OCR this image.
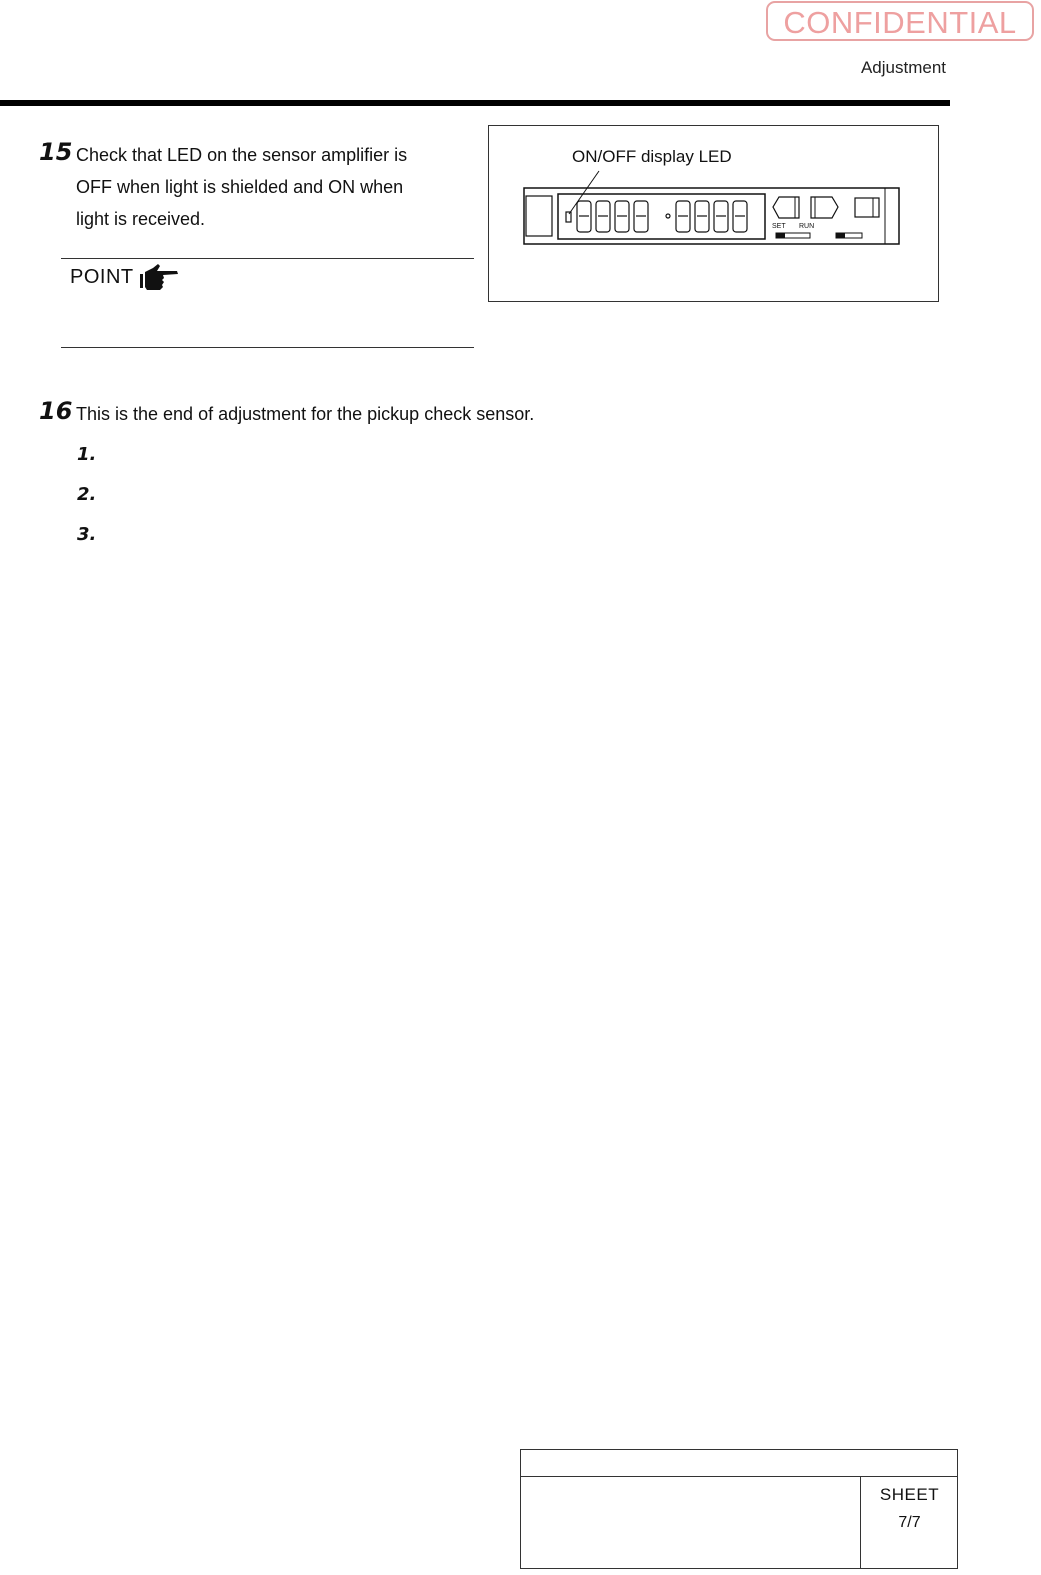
CONFIDENTIAL
Adjustment
15 Check that LED on the sensor amplifier is
OFF when light is shielded and ON when
light is received.
POINT
ON/OFF display LED
SET RUN
16 This is the end of adjustment for the pickup check sensor.
1.
2.
3.
SHEET
7/7
